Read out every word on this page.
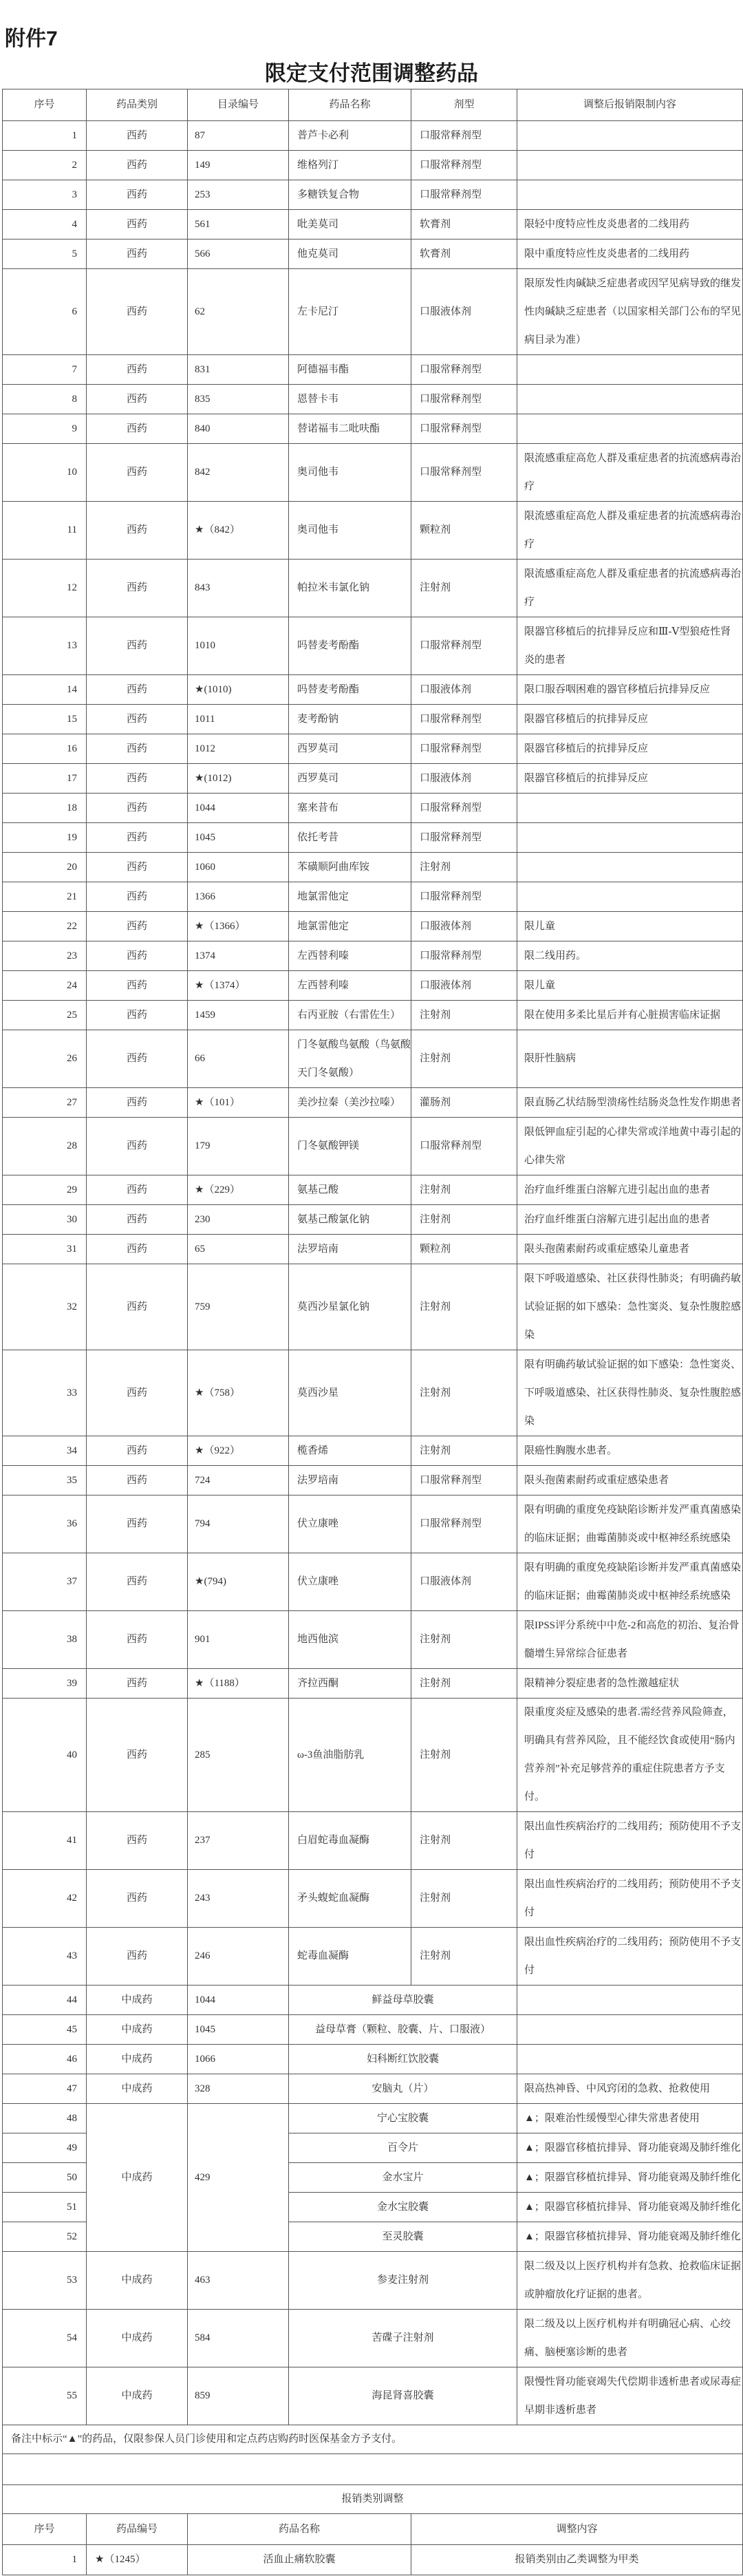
附件7
限定支付范围调整药品
序号	药品类别	目录编号	药品名称	剂型	调整后报销限制内容
1	西药	87	普芦卡必利	口服常释剂型	
2	西药	149	维格列汀	口服常释剂型	
3	西药	253	多糖铁复合物	口服常释剂型	
4	西药	561	吡美莫司	软膏剂	限轻中度特应性皮炎患者的二线用药
5	西药	566	他克莫司	软膏剂	限中重度特应性皮炎患者的二线用药
6	西药	62	左卡尼汀	口服液体剂	限原发性肉碱缺乏症患者或因罕见病导致的继发性肉碱缺乏症患者（以国家相关部门公布的罕见病目录为准）
7	西药	831	阿德福韦酯	口服常释剂型	
8	西药	835	恩替卡韦	口服常释剂型	
9	西药	840	替诺福韦二吡呋酯	口服常释剂型	
10	西药	842	奥司他韦	口服常释剂型	限流感重症高危人群及重症患者的抗流感病毒治疗
11	西药	★（842）	奥司他韦	颗粒剂	限流感重症高危人群及重症患者的抗流感病毒治疗
12	西药	843	帕拉米韦氯化钠	注射剂	限流感重症高危人群及重症患者的抗流感病毒治疗
13	西药	1010	吗替麦考酚酯	口服常释剂型	限器官移植后的抗排异反应和Ⅲ-Ⅴ型狼疮性肾炎的患者
14	西药	★(1010)	吗替麦考酚酯	口服液体剂	限口服吞咽困难的器官移植后抗排异反应
15	西药	1011	麦考酚钠	口服常释剂型	限器官移植后的抗排异反应
16	西药	1012	西罗莫司	口服常释剂型	限器官移植后的抗排异反应
17	西药	★(1012)	西罗莫司	口服液体剂	限器官移植后的抗排异反应
18	西药	1044	塞来昔布	口服常释剂型	
19	西药	1045	依托考昔	口服常释剂型	
20	西药	1060	苯磺顺阿曲库铵	注射剂	
21	西药	1366	地氯雷他定	口服常释剂型	
22	西药	★（1366）	地氯雷他定	口服液体剂	限儿童
23	西药	1374	左西替利嗪	口服常释剂型	限二线用药。
24	西药	★（1374）	左西替利嗪	口服液体剂	限儿童
25	西药	1459	右丙亚胺（右雷佐生）	注射剂	限在使用多柔比星后并有心脏损害临床证据
26	西药	66	门冬氨酸鸟氨酸（鸟氨酸天门冬氨酸）	注射剂	限肝性脑病
27	西药	★（101）	美沙拉秦（美沙拉嗪）	灌肠剂	限直肠乙状结肠型溃疡性结肠炎急性发作期患者
28	西药	179	门冬氨酸钾镁	口服常释剂型	限低钾血症引起的心律失常或洋地黄中毒引起的心律失常
29	西药	★（229）	氨基己酸	注射剂	治疗血纤维蛋白溶解亢进引起出血的患者
30	西药	230	氨基己酸氯化钠	注射剂	治疗血纤维蛋白溶解亢进引起出血的患者
31	西药	65	法罗培南	颗粒剂	限头孢菌素耐药或重症感染儿童患者
32	西药	759	莫西沙星氯化钠	注射剂	限下呼吸道感染、社区获得性肺炎；有明确药敏试验证据的如下感染：急性窦炎、复杂性腹腔感染
33	西药	★（758）	莫西沙星	注射剂	限有明确药敏试验证据的如下感染：急性窦炎、下呼吸道感染、社区获得性肺炎、复杂性腹腔感染
34	西药	★（922）	榄香烯	注射剂	限癌性胸腹水患者。
35	西药	724	法罗培南	口服常释剂型	限头孢菌素耐药或重症感染患者
36	西药	794	伏立康唑	口服常释剂型	限有明确的重度免疫缺陷诊断并发严重真菌感染的临床证据；曲霉菌肺炎或中枢神经系统感染
37	西药	★(794)	伏立康唑	口服液体剂	限有明确的重度免疫缺陷诊断并发严重真菌感染的临床证据；曲霉菌肺炎或中枢神经系统感染
38	西药	901	地西他滨	注射剂	限IPSS评分系统中中危-2和高危的初治、复治骨髓增生异常综合征患者
39	西药	★（1188）	齐拉西酮	注射剂	限精神分裂症患者的急性激越症状
40	西药	285	ω-3鱼油脂肪乳	注射剂	限重度炎症及感染的患者.需经营养风险筛查，明确具有营养风险，且不能经饮食或使用“肠内营养剂”补充足够营养的重症住院患者方予支付。
41	西药	237	白眉蛇毒血凝酶	注射剂	限出血性疾病治疗的二线用药；预防使用不予支付
42	西药	243	矛头蝮蛇血凝酶	注射剂	限出血性疾病治疗的二线用药；预防使用不予支付
43	西药	246	蛇毒血凝酶	注射剂	限出血性疾病治疗的二线用药；预防使用不予支付
44	中成药	1044	鲜益母草胶囊		
45	中成药	1045	益母草膏（颗粒、胶囊、片、口服液）		
46	中成药	1066	妇科断红饮胶囊		
47	中成药	328	安脑丸（片）		限高热神昏、中风窍闭的急救、抢救使用
48	中成药	429	宁心宝胶囊		▲；限难治性缓慢型心律失常患者使用
49			百令片		▲；限器官移植抗排异、肾功能衰竭及肺纤维化
50			金水宝片		▲；限器官移植抗排异、肾功能衰竭及肺纤维化
51			金水宝胶囊		▲；限器官移植抗排异、肾功能衰竭及肺纤维化
52			至灵胶囊		▲；限器官移植抗排异、肾功能衰竭及肺纤维化
53	中成药	463	参麦注射剂		限二级及以上医疗机构并有急救、抢救临床证据或肿瘤放化疗证据的患者。
54	中成药	584	苦碟子注射剂		限二级及以上医疗机构并有明确冠心病、心绞痛、脑梗塞诊断的患者
55	中成药	859	海昆肾喜胶囊		限慢性肾功能衰竭失代偿期非透析患者或尿毒症早期非透析患者
备注中标示“▲”的药品，仅限参保人员门诊使用和定点药店购药时医保基金方予支付。					

报销类别调整			
序号	药品编号	药品名称	调整内容
1	★（1245）	活血止痛软胶囊	报销类别由乙类调整为甲类
